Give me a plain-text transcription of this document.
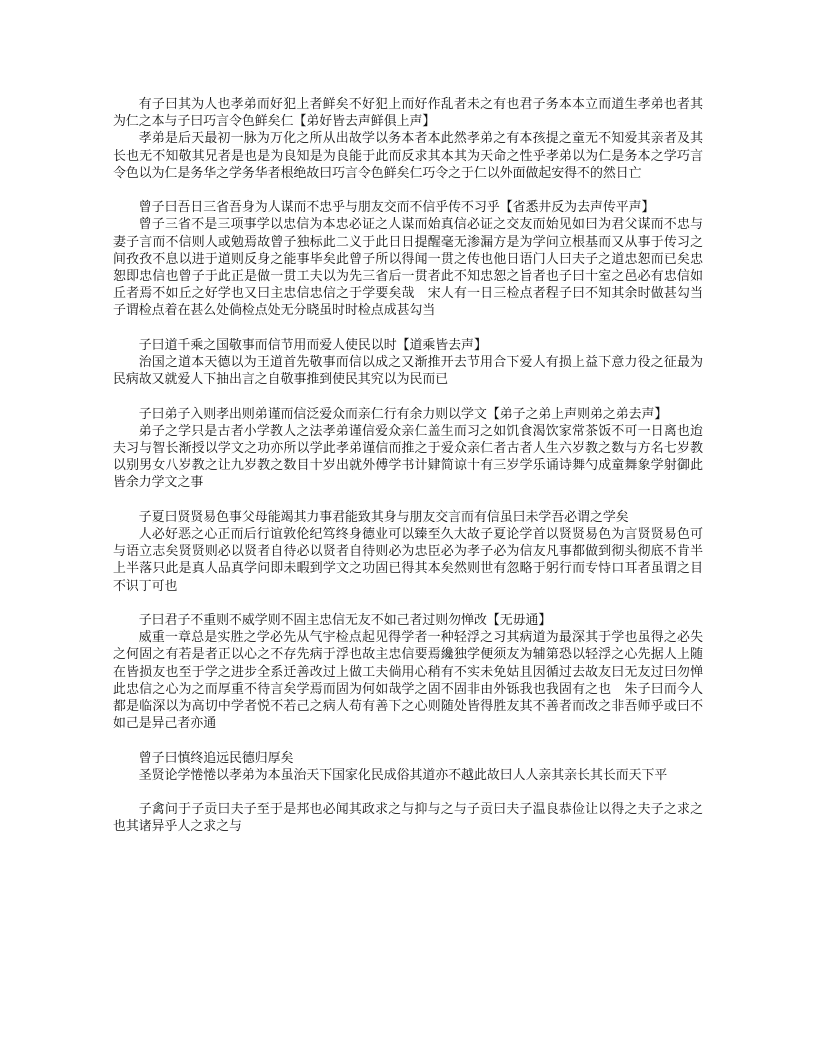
有子曰其为人也孝弟而好犯上者鲜矣不好犯上而好作乱者未之有也君子务本本立而道生孝弟也者其为仁之本与子曰巧言令色鲜矣仁【弟好皆去声鲜俱上声】

孝弟是后天最初一脉为万化之所从出故学以务本者本此然孝弟之有本孩提之童无不知爱其亲者及其长也无不知敬其兄者是也是为良知是为良能于此而反求其本其为天命之性乎孝弟以为仁是务本之学巧言令色以为仁是务华之学务华者根绝故曰巧言令色鲜矣仁巧令之于仁以外面做起安得不的然日亡

曾子曰吾日三省吾身为人谋而不忠乎与朋友交而不信乎传不习乎【省悉井反为去声传平声】

曾子三省不是三项事学以忠信为本忠必证之人谋而始真信必证之交友而始见如曰为君父谋而不忠与妻子言而不信则人或勉焉故曾子独标此二义于此日日提醒毫无渗漏方是为学问立根基而又从事于传习之间孜孜不息以进于道则反身之能事毕矣此曾子所以得闻一贯之传也他日语门人曰夫子之道忠恕而已矣忠恕即忠信也曾子于此正是做一贯工夫以为先三省后一贯者此不知忠恕之旨者也子曰十室之邑必有忠信如丘者焉不如丘之好学也又曰主忠信忠信之于学要矣哉　宋人有一日三检点者程子曰不知其余时做甚勾当子谓检点着在甚么处倘检点处无分晓虽时时检点成甚勾当

子曰道千乘之国敬事而信节用而爱人使民以时【道乘皆去声】

治国之道本天德以为王道首先敬事而信以成之又渐推开去节用合下爱人有损上益下意力役之征最为民病故又就爱人下抽出言之自敬事推到使民其究以为民而已

子曰弟子入则孝出则弟谨而信泛爱众而亲仁行有余力则以学文【弟子之弟上声则弟之弟去声】

弟子之学只是古者小学教人之法孝弟谨信爱众亲仁盖生而习之如饥食渴饮家常茶饭不可一日离也迨夫习与智长渐授以学文之功亦所以学此孝弟谨信而推之于爱众亲仁者古者人生六岁教之数与方名七岁教以别男女八岁教之让九岁教之数目十岁出就外傅学书计肄简谅十有三岁学乐诵诗舞勺成童舞象学射御此皆余力学文之事

子夏曰贤贤易色事父母能竭其力事君能致其身与朋友交言而有信虽曰未学吾必谓之学矣

人必好恶之心正而后行谊敦伦纪笃终身德业可以臻至久大故子夏论学首以贤贤易色为言贤贤易色可与语立志矣贤贤则必以贤者自待必以贤者自待则必为忠臣必为孝子必为信友凡事都做到彻头彻底不肯半上半落只此是真人品真学问即未暇到学文之功固已得其本矣然则世有忽略于躬行而专恃口耳者虽谓之目不识丁可也

子曰君子不重则不威学则不固主忠信无友不如己者过则勿惮改【无毋通】

威重一章总是实胜之学必先从气宇检点起见得学者一种轻浮之习其病道为最深其于学也虽得之必失之何固之有若是者正以心之不存先病于浮也故主忠信要焉纔独学便须友为辅第恐以轻浮之心先据人上随在皆损友也至于学之进步全系迁善改过上做工夫倘用心稍有不实未免姑且因循过去故友曰无友过曰勿惮此忠信之心为之而厚重不待言矣学焉而固为何如哉学之固不固非由外铄我也我固有之也　朱子曰而今人都是临深以为高切中学者悦不若己之病人苟有善下之心则随处皆得胜友其不善者而改之非吾师乎或曰不如己是异己者亦通

曾子曰慎终追远民德归厚矣

圣贤论学惓惓以孝弟为本虽治天下国家化民成俗其道亦不越此故曰人人亲其亲长其长而天下平

子禽问于子贡曰夫子至于是邦也必闻其政求之与抑与之与子贡曰夫子温良恭俭让以得之夫子之求之也其诸异乎人之求之与
